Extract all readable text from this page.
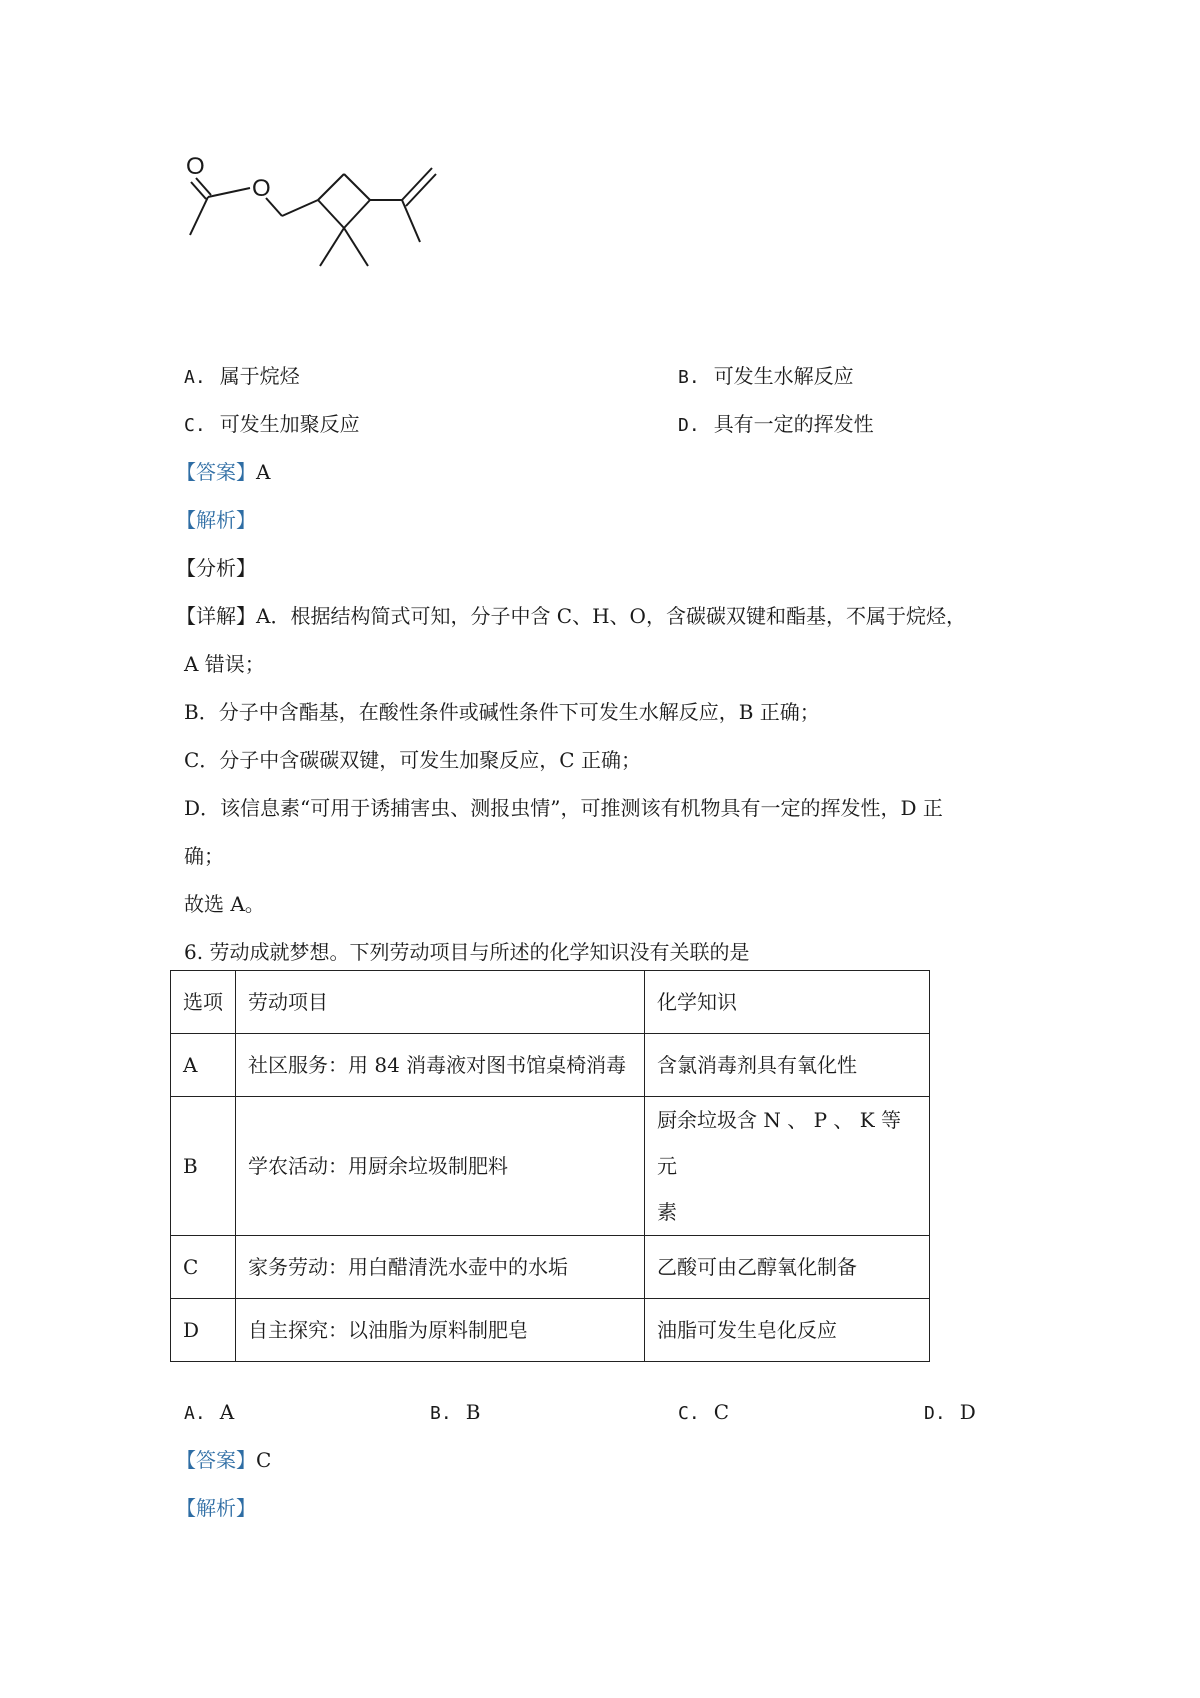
O
O
A. 属于烷烃	B. 可发生水解反应
C. 可发生加聚反应	D. 具有一定的挥发性
【答案】A
【解析】
【分析】
【详解】A．根据结构简式可知，分子中含 C、H、O，含碳碳双键和酯基，不属于烷烃，
A 错误；
B．分子中含酯基，在酸性条件或碱性条件下可发生水解反应，B 正确；
C．分子中含碳碳双键，可发生加聚反应，C 正确；
D．该信息素“可用于诱捕害虫、测报虫情”，可推测该有机物具有一定的挥发性，D 正
确；
故选 A。
6. 劳动成就梦想。下列劳动项目与所述的化学知识没有关联的是
选项	劳动项目	化学知识
A	社区服务：用 84 消毒液对图书馆桌椅消毒	含氯消毒剂具有氧化性
B	学农活动：用厨余垃圾制肥料	厨余垃圾含 N 、 P 、 K 等元
素

C	家务劳动：用白醋清洗水壶中的水垢	乙酸可由乙醇氧化制备
D	自主探究：以油脂为原料制肥皂	油脂可发生皂化反应
A. A	B. B	C. C	D. D
【答案】C
【解析】
